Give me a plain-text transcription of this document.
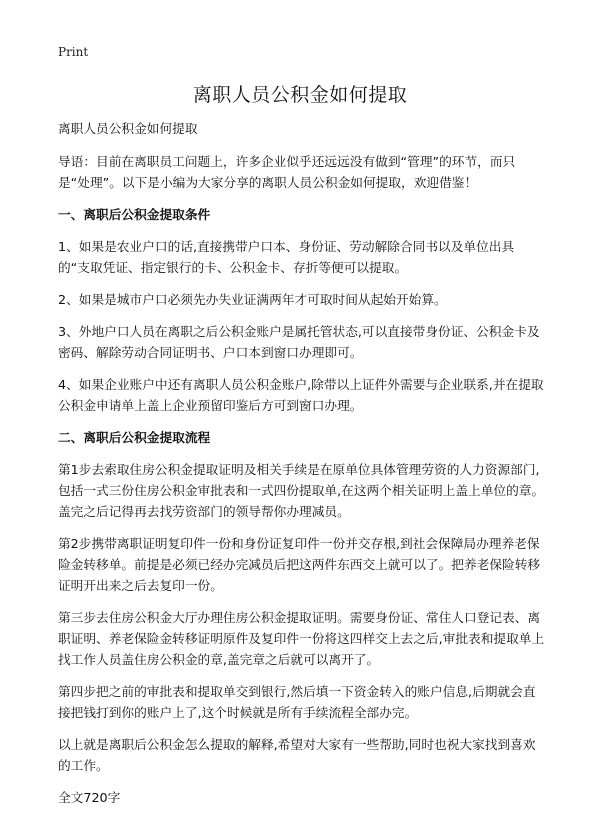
Print
离职人员公积金如何提取

离职人员公积金如何提取

导语：目前在离职员工问题上，许多企业似乎还远远没有做到“管理”的环节，而只是“处理”。以下是小编为大家分享的离职人员公积金如何提取，欢迎借鉴！

一、离职后公积金提取条件

1、如果是农业户口的话,直接携带户口本、身份证、劳动解除合同书以及单位出具的“支取凭证、指定银行的卡、公积金卡、存折等便可以提取。

2、如果是城市户口必须先办失业证满两年才可取时间从起始开始算。

3、外地户口人员在离职之后公积金账户是属托管状态,可以直接带身份证、公积金卡及密码、解除劳动合同证明书、户口本到窗口办理即可。

4、如果企业账户中还有离职人员公积金账户,除带以上证件外需要与企业联系,并在提取公积金申请单上盖上企业预留印鉴后方可到窗口办理。

二、离职后公积金提取流程

第1步去索取住房公积金提取证明及相关手续是在原单位具体管理劳资的人力资源部门,包括一式三份住房公积金审批表和一式四份提取单,在这两个相关证明上盖上单位的章。盖完之后记得再去找劳资部门的领导帮你办理减员。

第2步携带离职证明复印件一份和身份证复印件一份并交存根,到社会保障局办理养老保险金转移单。前提是必须已经办完减员后把这两件东西交上就可以了。把养老保险转移证明开出来之后去复印一份。

第三步去住房公积金大厅办理住房公积金提取证明。需要身份证、常住人口登记表、离职证明、养老保险金转移证明原件及复印件一份将这四样交上去之后,审批表和提取单上找工作人员盖住房公积金的章,盖完章之后就可以离开了。

第四步把之前的审批表和提取单交到银行,然后填一下资金转入的账户信息,后期就会直接把钱打到你的账户上了,这个时候就是所有手续流程全部办完。

以上就是离职后公积金怎么提取的解释,希望对大家有一些帮助,同时也祝大家找到喜欢的工作。

全文720字
